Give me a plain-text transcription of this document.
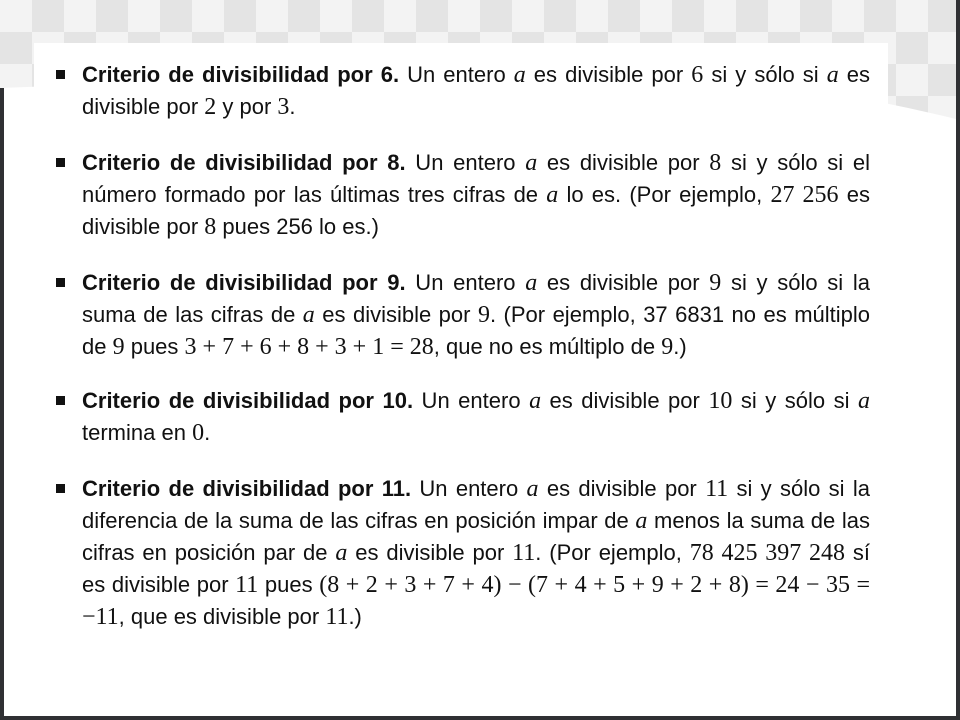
Criterio de divisibilidad por 6. Un entero a es divisible por 6 si y sólo si a es divisible por 2 y por 3.
Criterio de divisibilidad por 8. Un entero a es divisible por 8 si y sólo si el número formado por las últimas tres cifras de a lo es. (Por ejemplo, 27 256 es divisible por 8 pues 256 lo es.)
Criterio de divisibilidad por 9. Un entero a es divisible por 9 si y sólo si la suma de las cifras de a es divisible por 9. (Por ejemplo, 37 6831 no es múltiplo de 9 pues 3 + 7 + 6 + 8 + 3 + 1 = 28, que no es múltiplo de 9.)
Criterio de divisibilidad por 10. Un entero a es divisible por 10 si y sólo si a termina en 0.
Criterio de divisibilidad por 11. Un entero a es divisible por 11 si y sólo si la diferencia de la suma de las cifras en posición impar de a menos la suma de las cifras en posición par de a es divisible por 11. (Por ejemplo, 78 425 397 248 sí es divisible por 11 pues (8 + 2 + 3 + 7 + 4) − (7 + 4 + 5 + 9 + 2 + 8) = 24 − 35 = −11, que es divisible por 11.)
